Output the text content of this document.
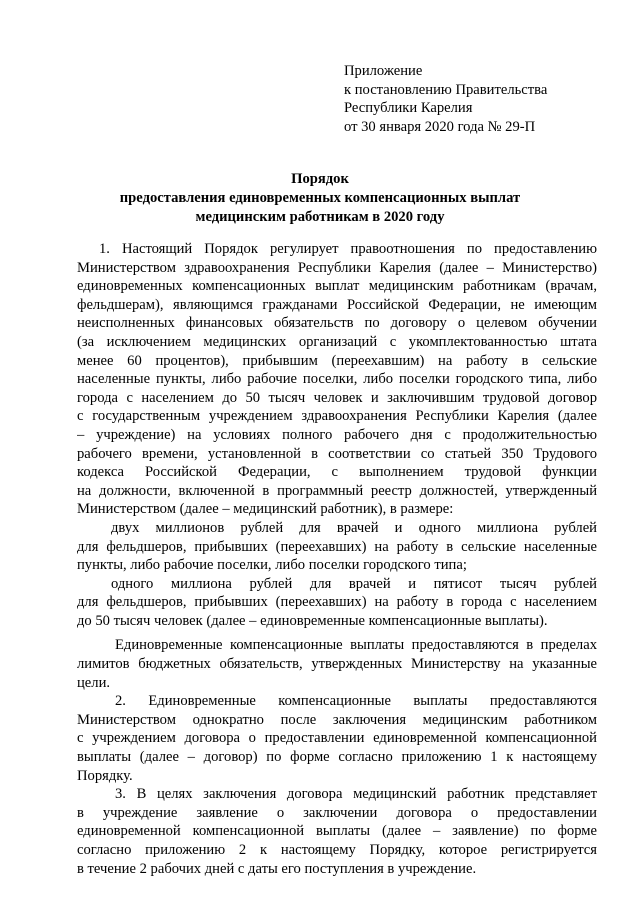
Приложение
к постановлению Правительства
Республики Карелия
от 30 января 2020 года № 29-П
Порядок
предоставления единовременных компенсационных выплат
медицинским работникам в 2020 году
1. Настоящий Порядок регулирует правоотношения по предоставлению
Министерством здравоохранения Республики Карелия (далее – Министерство)
единовременных компенсационных выплат медицинским работникам (врачам,
фельдшерам), являющимся гражданами Российской Федерации, не имеющим
неисполненных финансовых обязательств по договору о целевом обучении
(за исключением медицинских организаций с укомплектованностью штата
менее 60 процентов), прибывшим (переехавшим) на работу в сельские
населенные пункты, либо рабочие поселки, либо поселки городского типа, либо
города с населением до 50 тысяч человек и заключившим трудовой договор
с государственным учреждением здравоохранения Республики Карелия (далее
– учреждение) на условиях полного рабочего дня с продолжительностью
рабочего времени, установленной в соответствии со статьей 350 Трудового
кодекса Российской Федерации, с выполнением трудовой функции
на должности, включенной в программный реестр должностей, утвержденный
Министерством (далее – медицинский работник), в размере:
двух миллионов рублей для врачей и одного миллиона рублей
для фельдшеров, прибывших (переехавших) на работу в сельские населенные
пункты, либо рабочие поселки, либо поселки городского типа;
одного миллиона рублей для врачей и пятисот тысяч рублей
для фельдшеров, прибывших (переехавших) на работу в города с населением
до 50 тысяч человек (далее – единовременные компенсационные выплаты).
Единовременные компенсационные выплаты предоставляются в пределах
лимитов бюджетных обязательств, утвержденных Министерству на указанные
цели.
2. Единовременные компенсационные выплаты предоставляются
Министерством однократно после заключения медицинским работником
с учреждением договора о предоставлении единовременной компенсационной
выплаты (далее – договор) по форме согласно приложению 1 к настоящему
Порядку.
3. В целях заключения договора медицинский работник представляет
в учреждение заявление о заключении договора о предоставлении
единовременной компенсационной выплаты (далее – заявление) по форме
согласно приложению 2 к настоящему Порядку, которое регистрируется
в течение 2 рабочих дней с даты его поступления в учреждение.
